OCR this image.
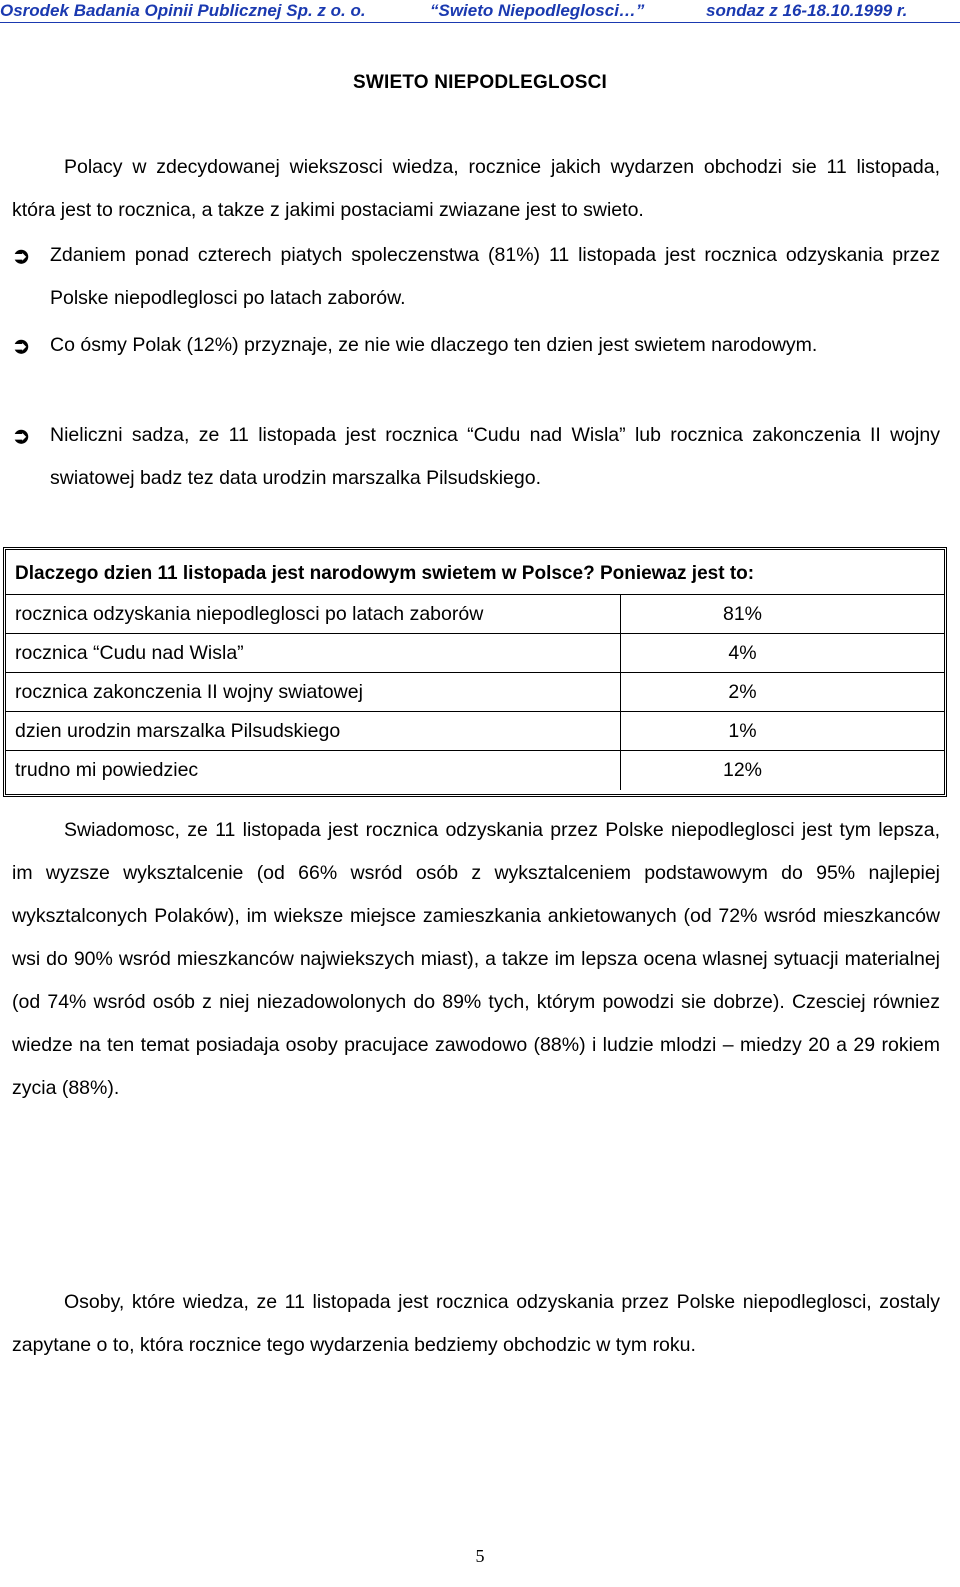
Osrodek Badania Opinii Publicznej Sp. z o. o.	“Swieto Niepodleglosci…”	sondaz z 16-18.10.1999 r.
SWIETO NIEPODLEGLOSCI
Polacy w zdecydowanej wiekszosci wiedza, rocznice jakich wydarzen obchodzi sie 11 listopada, która jest to rocznica, a takze z jakimi postaciami zwiazane jest to swieto.
➲	Zdaniem ponad czterech piatych spoleczenstwa (81%) 11 listopada jest rocznica odzyskania przez Polske niepodleglosci po latach zaborów.
➲	Co ósmy Polak (12%) przyznaje, ze nie wie dlaczego ten dzien jest swietem narodowym.
➲	Nieliczni sadza, ze 11 listopada jest rocznica “Cudu nad Wisla” lub rocznica zakonczenia II wojny swiatowej badz tez data urodzin marszalka Pilsudskiego.
Dlaczego dzien 11 listopada jest narodowym swietem w Polsce? Poniewaz jest to:
rocznica odzyskania niepodleglosci po latach zaborów	81%
rocznica “Cudu nad Wisla”	4%
rocznica zakonczenia II wojny swiatowej	2%
dzien urodzin marszalka Pilsudskiego	1%
trudno mi powiedziec	12%
Swiadomosc, ze 11 listopada jest rocznica odzyskania przez Polske niepodleglosci jest tym lepsza, im wyzsze wyksztalcenie (od 66% wsród osób z wyksztalceniem podstawowym do 95% najlepiej wyksztalconych Polaków), im wieksze miejsce zamieszkania ankietowanych (od 72% wsród mieszkanców wsi do 90% wsród mieszkanców najwiekszych miast), a takze im lepsza ocena wlasnej sytuacji materialnej (od 74% wsród osób z niej niezadowolonych do 89% tych, którym powodzi sie dobrze). Czesciej równiez wiedze na ten temat posiadaja osoby pracujace zawodowo (88%) i ludzie mlodzi – miedzy 20 a 29 rokiem zycia (88%).
Osoby, które wiedza, ze 11 listopada jest rocznica odzyskania przez Polske niepodleglosci, zostaly zapytane o to, która rocznice tego wydarzenia bedziemy obchodzic w tym roku.
5
